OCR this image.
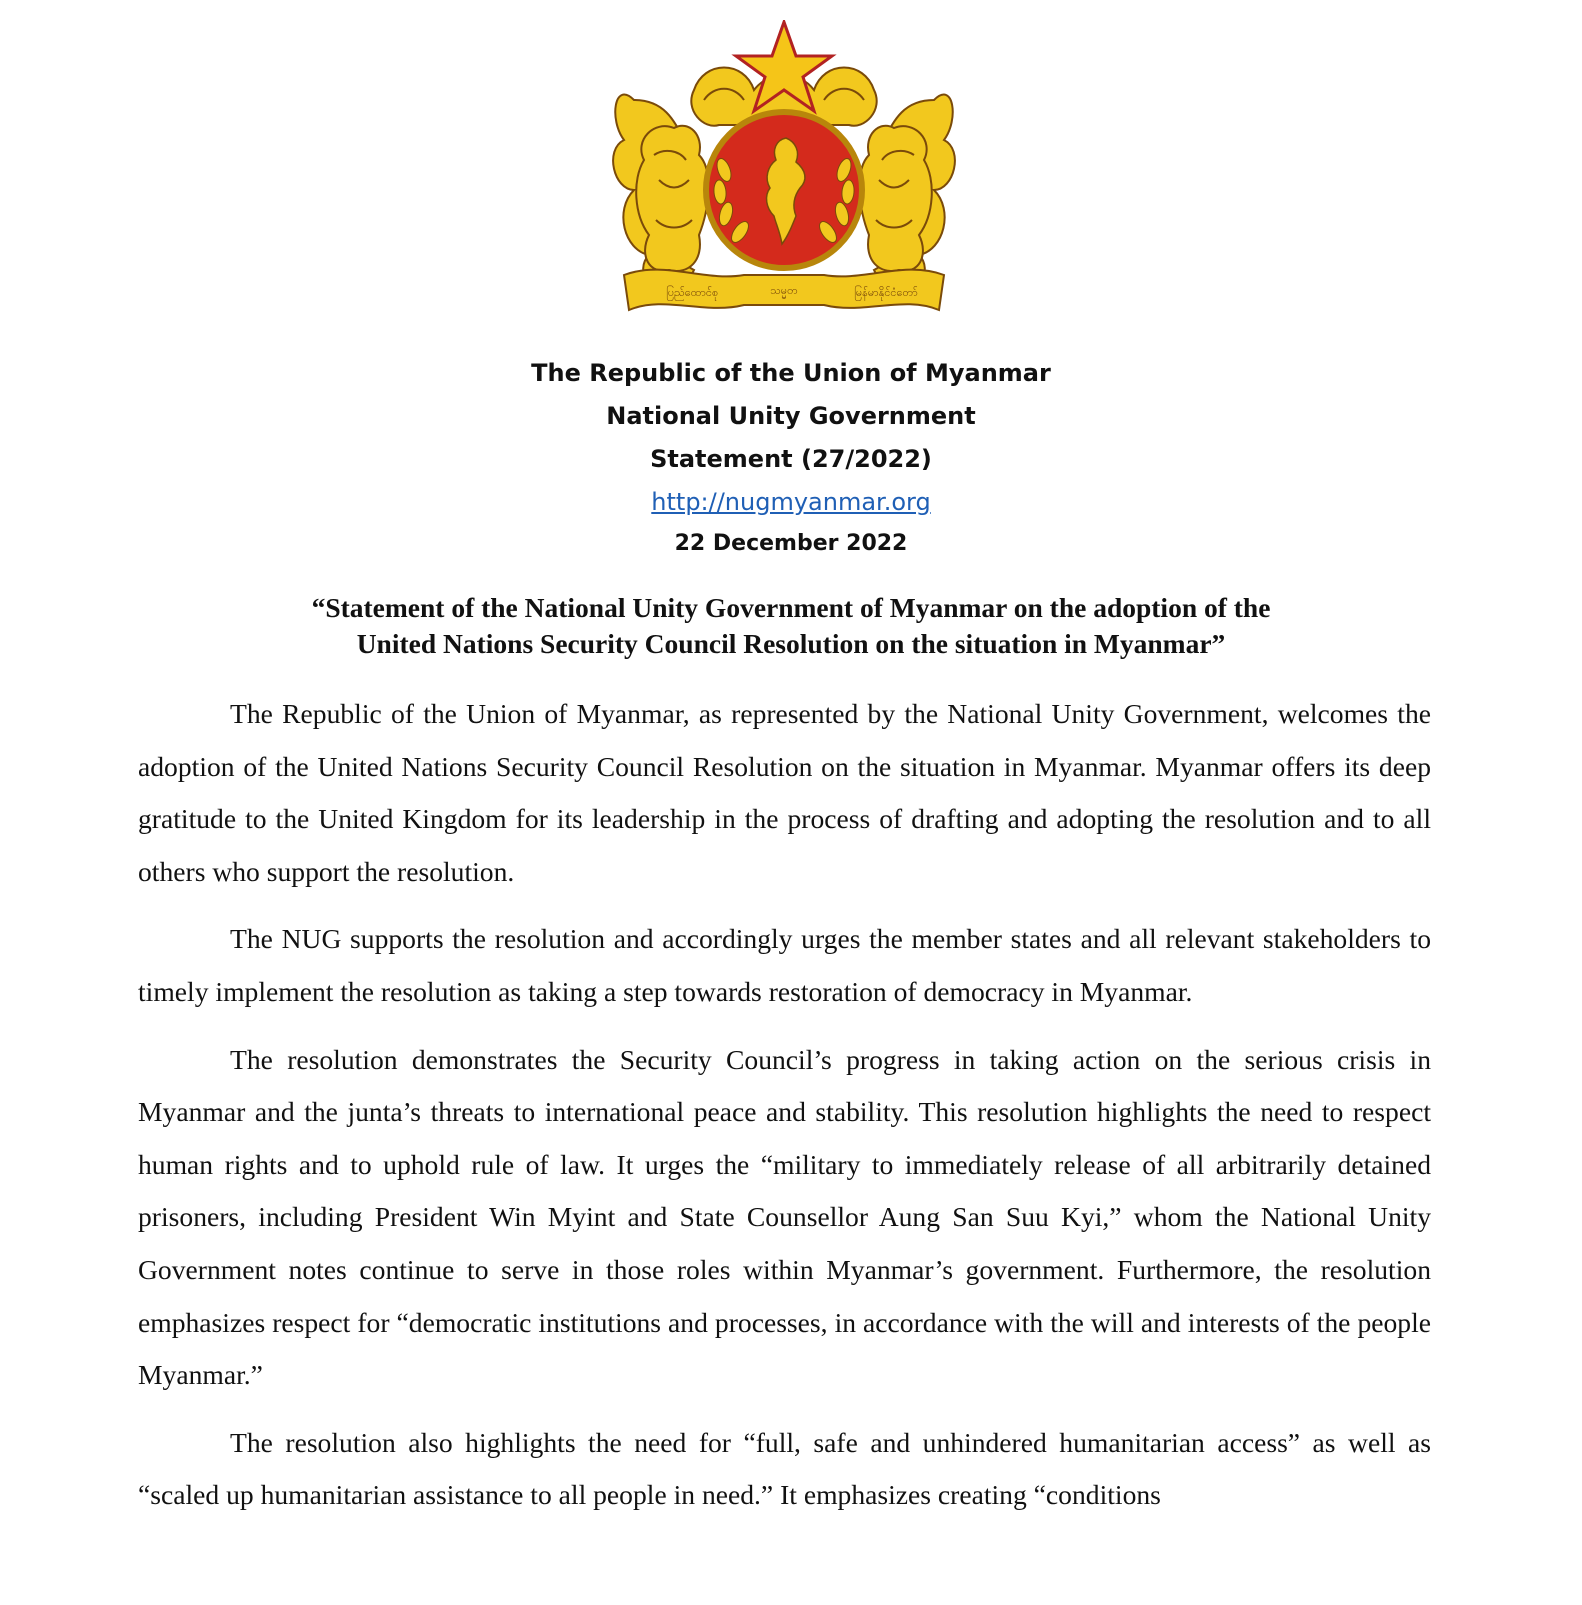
ပြည်ထောင်စု	သမ္မတ	မြန်မာနိုင်ငံတော်
The Republic of the Union of Myanmar
National Unity Government
Statement (27/2022)
http://nugmyanmar.org
22 December 2022
“Statement of the National Unity Government of Myanmar on the adoption of the
United Nations Security Council Resolution on the situation in Myanmar”

The Republic of the Union of Myanmar, as represented by the National Unity Government, welcomes the adoption of the United Nations Security Council Resolution on the situation in Myanmar. Myanmar offers its deep gratitude to the United Kingdom for its leadership in the process of drafting and adopting the resolution and to all others who support the resolution.

The NUG supports the resolution and accordingly urges the member states and all relevant stakeholders to timely implement the resolution as taking a step towards restoration of democracy in Myanmar.

The resolution demonstrates the Security Council’s progress in taking action on the serious crisis in Myanmar and the junta’s threats to international peace and stability. This resolution highlights the need to respect human rights and to uphold rule of law. It urges the “military to immediately release of all arbitrarily detained prisoners, including President Win Myint and State Counsellor Aung San Suu Kyi,” whom the National Unity Government notes continue to serve in those roles within Myanmar’s government. Furthermore, the resolution emphasizes respect for “democratic institutions and processes, in accordance with the will and interests of the people Myanmar.”

The resolution also highlights the need for “full, safe and unhindered humanitarian access” as well as “scaled up humanitarian assistance to all people in need.” It emphasizes creating “conditions
